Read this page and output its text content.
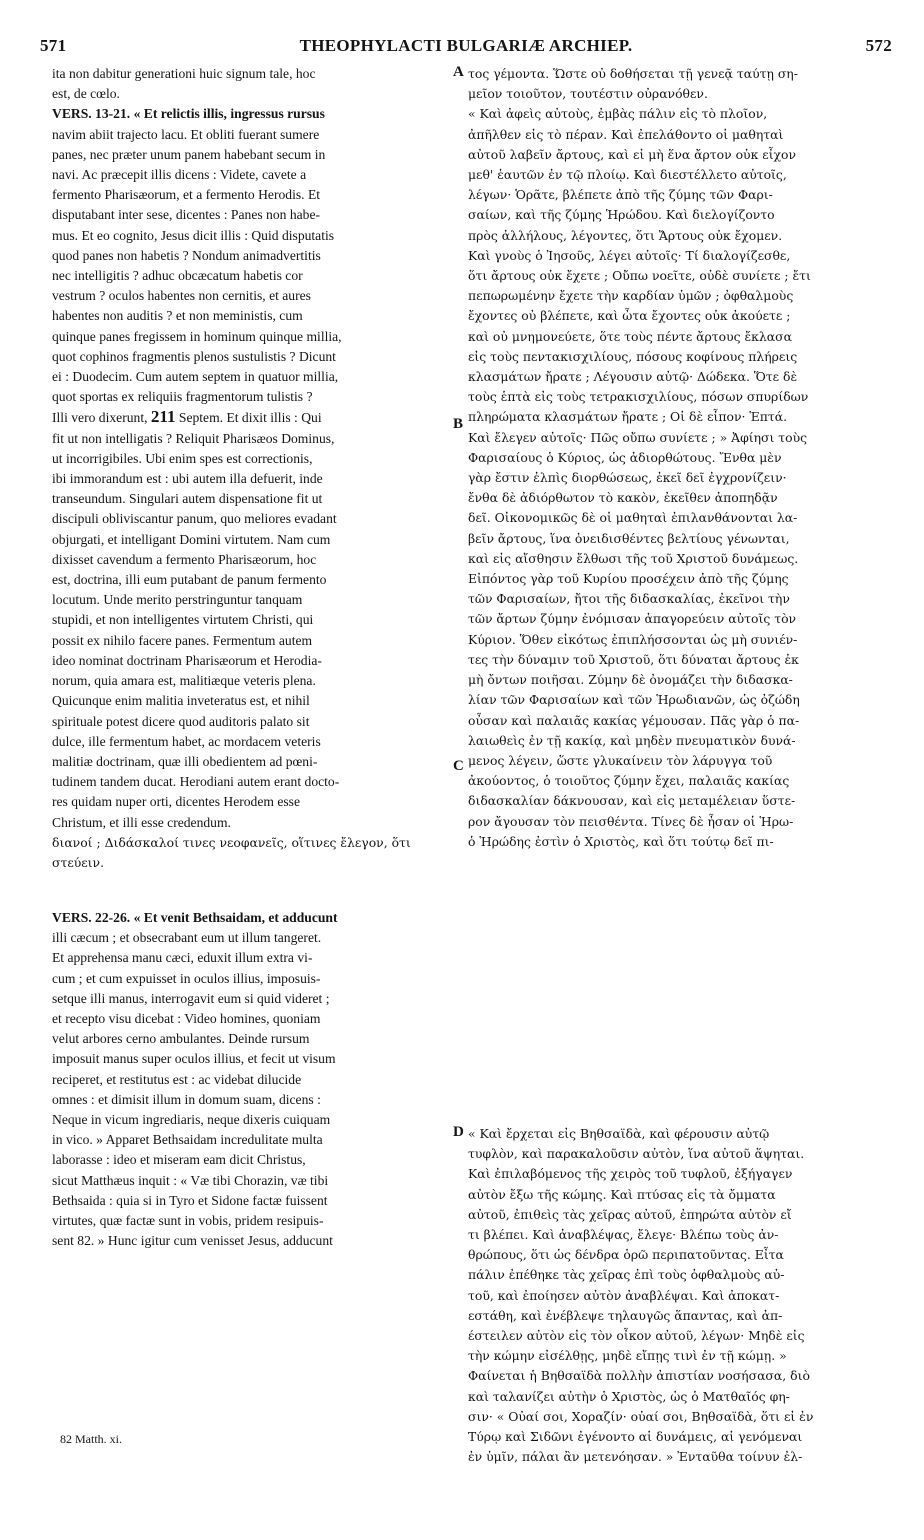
571	THEOPHYLACTI BULGARIÆ ARCHIEP.	572
A
B
C
D
ita non dabitur generationi huic signum tale, hoc
est, de cœlo.
VERS. 13-21. « Et relictis illis, ingressus rursus
navim abiit trajecto lacu. Et obliti fuerant sumere
panes, nec præter unum panem habebant secum in
navi. Ac præcepit illis dicens : Videte, cavete a
fermento Pharisæorum, et a fermento Herodis. Et
disputabant inter sese, dicentes : Panes non habe-
mus. Et eo cognito, Jesus dicit illis : Quid disputatis
quod panes non habetis ? Nondum animadvertitis
nec intelligitis ? adhuc obcæcatum habetis cor
vestrum ? oculos habentes non cernitis, et aures
habentes non auditis ? et non meministis, cum
quinque panes fregissem in hominum quinque millia,
quot cophinos fragmentis plenos sustulistis ? Dicunt
ei : Duodecim. Cum autem septem in quatuor millia,
quot sportas ex reliquiis fragmentorum tulistis ?
Illi vero dixerunt, 211 Septem. Et dixit illis : Qui
fit ut non intelligatis ? Reliquit Pharisæos Dominus,
ut incorrigibiles. Ubi enim spes est correctionis,
ibi immorandum est : ubi autem illa defuerit, inde
transeundum. Singulari autem dispensatione fit ut
discipuli obliviscantur panum, quo meliores evadant
objurgati, et intelligant Domini virtutem. Nam cum
dixisset cavendum a fermento Pharisæorum, hoc
est, doctrina, illi eum putabant de panum fermento
locutum. Unde merito perstringuntur tanquam
stupidi, et non intelligentes virtutem Christi, qui
possit ex nihilo facere panes. Fermentum autem
ideo nominat doctrinam Pharisæorum et Herodia-
norum, quia amara est, malitiæque veteris plena.
Quicunque enim malitia inveteratus est, et nihil
spirituale potest dicere quod auditoris palato sit
dulce, ille fermentum habet, ac mordacem veteris
malitiæ doctrinam, quæ illi obedientem ad pœni-
tudinem tandem ducat. Herodiani autem erant docto-
res quidam nuper orti, dicentes Herodem esse
Christum, et illi esse credendum.
διανοί ; Διδάσκαλοί τινες νεοφανεῖς, οἵτινες ἔλεγον, ὅτι
στεύειν.
VERS. 22-26. « Et venit Bethsaidam, et adducunt
illi cæcum ; et obsecrabant eum ut illum tangeret.
Et apprehensa manu cæci, eduxit illum extra vi-
cum ; et cum expuisset in oculos illius, imposuis-
setque illi manus, interrogavit eum si quid videret ;
et recepto visu dicebat : Video homines, quoniam
velut arbores cerno ambulantes. Deinde rursum
imposuit manus super oculos illius, et fecit ut visum
reciperet, et restitutus est : ac videbat dilucide
omnes : et dimisit illum in domum suam, dicens :
Neque in vicum ingrediaris, neque dixeris cuiquam
in vico. » Apparet Bethsaidam incredulitate multa
laborasse : ideo et miseram eam dicit Christus,
sicut Matthæus inquit : « Væ tibi Chorazin, væ tibi
Bethsaida : quia si in Tyro et Sidone factæ fuissent
virtutes, quæ factæ sunt in vobis, pridem resipuis-
sent 82. » Hunc igitur cum venisset Jesus, adducunt
τος γέμοντα. Ὥστε οὐ δοθήσεται τῇ γενεᾷ ταύτῃ ση-
μεῖον τοιοῦτον, τουτέστιν οὐρανόθεν.
« Καὶ ἀφεὶς αὐτοὺς, ἐμβὰς πάλιν εἰς τὸ πλοῖον,
ἀπῆλθεν εἰς τὸ πέραν. Καὶ ἐπελάθοντο οἱ μαθηταὶ
αὐτοῦ λαβεῖν ἄρτους, καὶ εἰ μὴ ἕνα ἄρτον οὐκ εἶχον
μεθ' ἑαυτῶν ἐν τῷ πλοίῳ. Καὶ διεστέλλετο αὐτοῖς,
λέγων· Ὁρᾶτε, βλέπετε ἀπὸ τῆς ζύμης τῶν Φαρι-
σαίων, καὶ τῆς ζύμης Ἡρώδου. Καὶ διελογίζοντο
πρὸς ἀλλήλους, λέγοντες, ὅτι Ἄρτους οὐκ ἔχομεν.
Καὶ γνοὺς ὁ Ἰησοῦς, λέγει αὐτοῖς· Τί διαλογίζεσθε,
ὅτι ἄρτους οὐκ ἔχετε ; Οὔπω νοεῖτε, οὐδὲ συνίετε ; ἔτι
πεπωρωμένην ἔχετε τὴν καρδίαν ὑμῶν ; ὀφθαλμοὺς
ἔχοντες οὐ βλέπετε, καὶ ὦτα ἔχοντες οὐκ ἀκούετε ;
καὶ οὐ μνημονεύετε, ὅτε τοὺς πέντε ἄρτους ἔκλασα
εἰς τοὺς πεντακισχιλίους, πόσους κοφίνους πλήρεις
κλασμάτων ἤρατε ; Λέγουσιν αὐτῷ· Δώδεκα. Ὅτε δὲ
τοὺς ἑπτὰ εἰς τοὺς τετρακισχιλίους, πόσων σπυρίδων
πληρώματα κλασμάτων ἤρατε ; Οἱ δὲ εἶπον· Ἑπτά.
Καὶ ἔλεγεν αὐτοῖς· Πῶς οὔπω συνίετε ; » Ἀφίησι τοὺς
Φαρισαίους ὁ Κύριος, ὡς ἀδιορθώτους. Ἔνθα μὲν
γὰρ ἔστιν ἐλπὶς διορθώσεως, ἐκεῖ δεῖ ἐγχρονίζειν·
ἔνθα δὲ ἀδιόρθωτον τὸ κακὸν, ἐκεῖθεν ἀποπηδᾷν
δεῖ. Οἰκονομικῶς δὲ οἱ μαθηταὶ ἐπιλανθάνονται λα-
βεῖν ἄρτους, ἵνα ὀνειδισθέντες βελτίους γένωνται,
καὶ εἰς αἴσθησιν ἔλθωσι τῆς τοῦ Χριστοῦ δυνάμεως.
Εἰπόντος γὰρ τοῦ Κυρίου προσέχειν ἀπὸ τῆς ζύμης
τῶν Φαρισαίων, ἤτοι τῆς διδασκαλίας, ἐκεῖνοι τὴν
τῶν ἄρτων ζύμην ἐνόμισαν ἀπαγορεύειν αὐτοῖς τὸν
Κύριον. Ὅθεν εἰκότως ἐπιπλήσσονται ὡς μὴ συνιέν-
τες τὴν δύναμιν τοῦ Χριστοῦ, ὅτι δύναται ἄρτους ἐκ
μὴ ὄντων ποιῆσαι. Ζύμην δὲ ὀνομάζει τὴν διδασκα-
λίαν τῶν Φαρισαίων καὶ τῶν Ἡρωδιανῶν, ὡς ὀζώδη
οὖσαν καὶ παλαιᾶς κακίας γέμουσαν. Πᾶς γὰρ ὁ πα-
λαιωθεὶς ἐν τῇ κακίᾳ, καὶ μηδὲν πνευματικὸν δυνά-
μενος λέγειν, ὥστε γλυκαίνειν τὸν λάρυγγα τοῦ
ἀκούοντος, ὁ τοιοῦτος ζύμην ἔχει, παλαιᾶς κακίας
διδασκαλίαν δάκνουσαν, καὶ εἰς μεταμέλειαν ὕστε-
ρον ἄγουσαν τὸν πεισθέντα. Τίνες δὲ ἦσαν οἱ Ἡρω-
ὁ Ἡρώδης ἐστὶν ὁ Χριστὸς, καὶ ὅτι τούτῳ δεῖ πι-
« Καὶ ἔρχεται εἰς Βηθσαϊδὰ, καὶ φέρουσιν αὐτῷ
τυφλὸν, καὶ παρακαλοῦσιν αὐτὸν, ἵνα αὐτοῦ ἅψηται.
Καὶ ἐπιλαβόμενος τῆς χειρὸς τοῦ τυφλοῦ, ἐξήγαγεν
αὐτὸν ἔξω τῆς κώμης. Καὶ πτύσας εἰς τὰ ὄμματα
αὐτοῦ, ἐπιθεὶς τὰς χεῖρας αὐτοῦ, ἐπηρώτα αὐτὸν εἴ
τι βλέπει. Καὶ ἀναβλέψας, ἔλεγε· Βλέπω τοὺς ἀν-
θρώπους, ὅτι ὡς δένδρα ὁρῶ περιπατοῦντας. Εἶτα
πάλιν ἐπέθηκε τὰς χεῖρας ἐπὶ τοὺς ὀφθαλμοὺς αὐ-
τοῦ, καὶ ἐποίησεν αὐτὸν ἀναβλέψαι. Καὶ ἀποκατ-
εστάθη, καὶ ἐνέβλεψε τηλαυγῶς ἅπαντας, καὶ ἀπ-
έστειλεν αὐτὸν εἰς τὸν οἶκον αὐτοῦ, λέγων· Μηδὲ εἰς
τὴν κώμην εἰσέλθῃς, μηδὲ εἴπῃς τινὶ ἐν τῇ κώμῃ. »
Φαίνεται ἡ Βηθσαϊδὰ πολλὴν ἀπιστίαν νοσήσασα, διὸ
καὶ ταλανίζει αὐτὴν ὁ Χριστὸς, ὡς ὁ Ματθαῖός φη-
σιν· « Οὐαί σοι, Χοραζίν· οὐαί σοι, Βηθσαϊδὰ, ὅτι εἰ ἐν
Τύρῳ καὶ Σιδῶνι ἐγένοντο αἱ δυνάμεις, αἱ γενόμεναι
ἐν ὑμῖν, πάλαι ἂν μετενόησαν. » Ἐνταῦθα τοίνυν ἐλ-
82 Matth. xi.
